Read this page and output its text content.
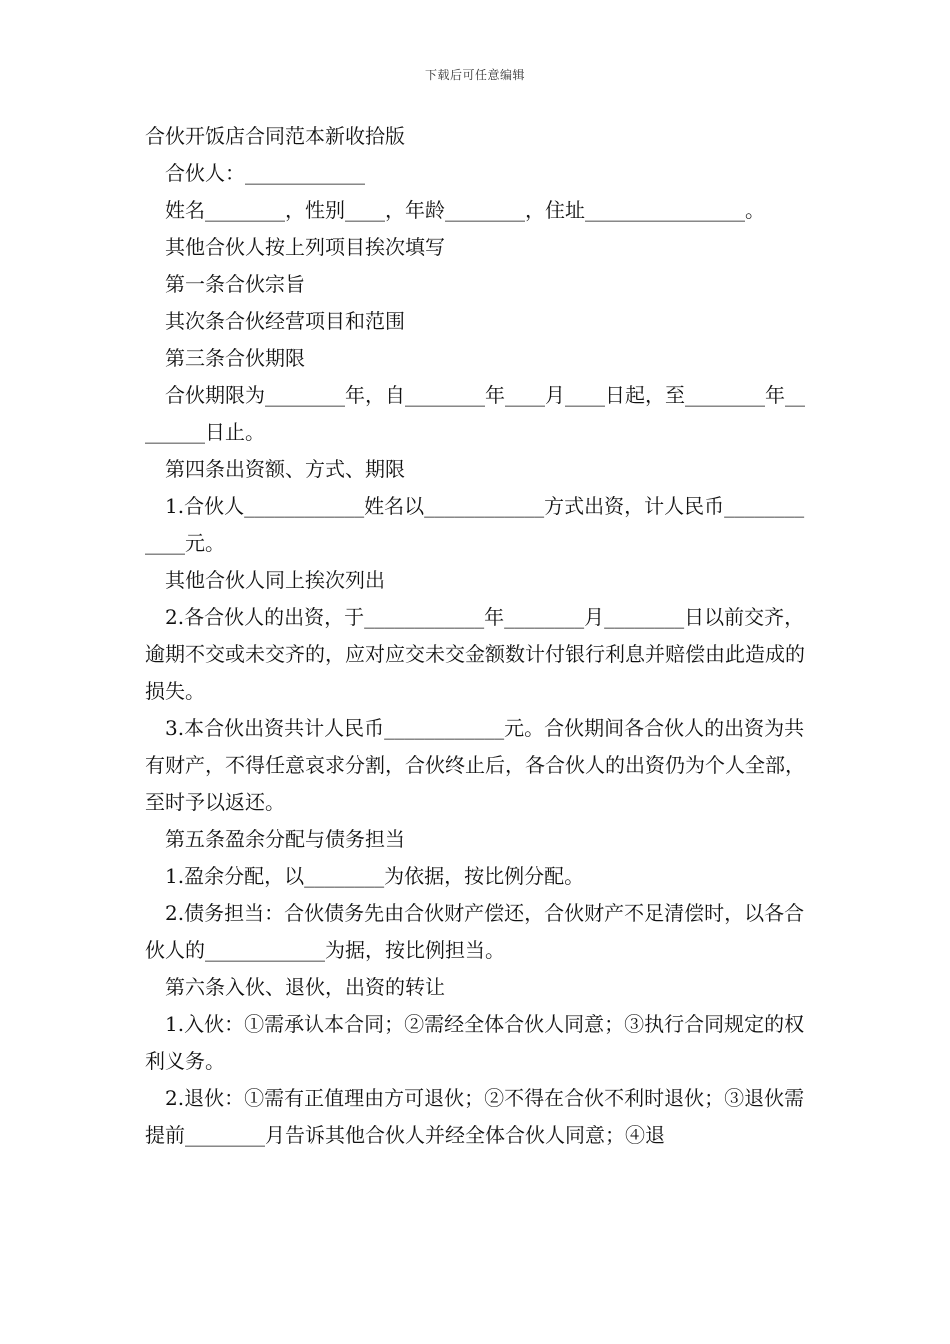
下载后可任意编辑

合伙开饭店合同范本新收拾版

合伙人：____________

姓名________，性别____，年龄________，住址________________。

其他合伙人按上列项目挨次填写

第一条合伙宗旨

其次条合伙经营项目和范围

第三条合伙期限

合伙期限为________年，自________年____月____日起，至________年________日止。

第四条出资额、方式、期限

1.合伙人____________姓名以____________方式出资，计人民币____________元。

其他合伙人同上挨次列出

2.各合伙人的出资，于____________年________月________日以前交齐，逾期不交或未交齐的，应对应交未交金额数计付银行利息并赔偿由此造成的损失。

3.本合伙出资共计人民币____________元。合伙期间各合伙人的出资为共有财产，不得任意哀求分割，合伙终止后，各合伙人的出资仍为个人全部，至时予以返还。

第五条盈余分配与债务担当

1.盈余分配，以________为依据，按比例分配。

2.债务担当：合伙债务先由合伙财产偿还，合伙财产不足清偿时，以各合伙人的____________为据，按比例担当。

第六条入伙、退伙，出资的转让

1.入伙：①需承认本合同；②需经全体合伙人同意；③执行合同规定的权利义务。

2.退伙：①需有正值理由方可退伙；②不得在合伙不利时退伙；③退伙需提前________月告诉其他合伙人并经全体合伙人同意；④退
